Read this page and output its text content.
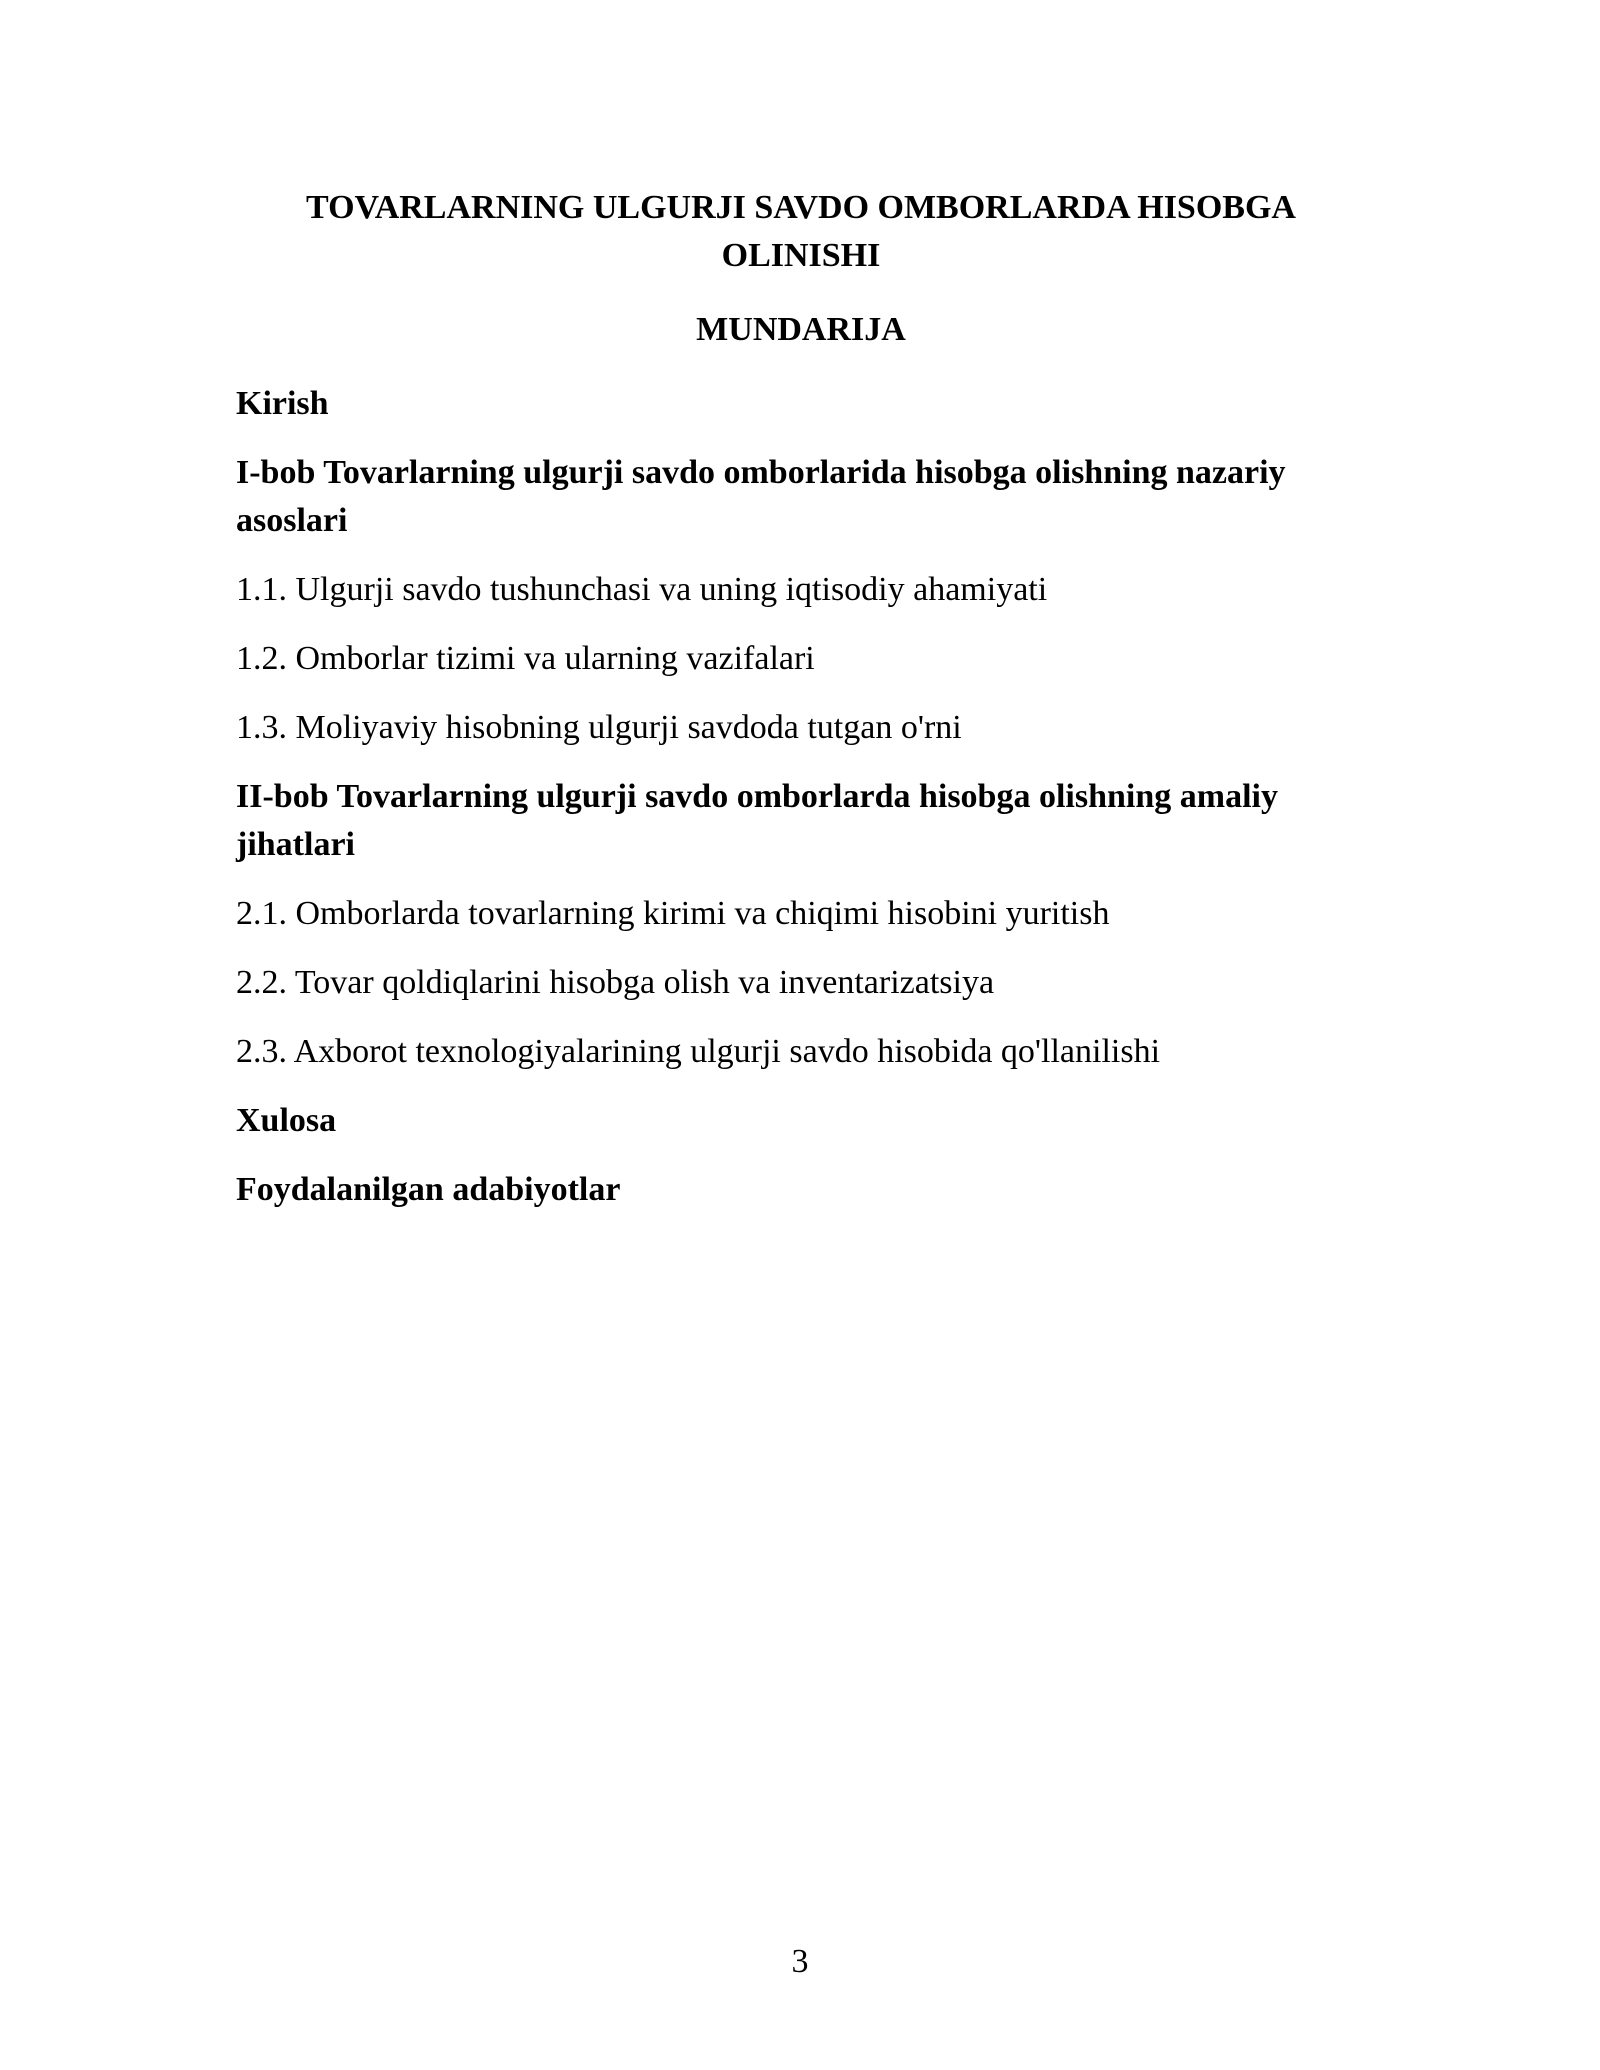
TOVARLARNING ULGURJI SAVDO OMBORLARDA HISOBGA OLINISHI
MUNDARIJA
Kirish
I-bob Tovarlarning ulgurji savdo omborlarida hisobga olishning nazariy asoslari
1.1. Ulgurji savdo tushunchasi va uning iqtisodiy ahamiyati
1.2. Omborlar tizimi va ularning vazifalari
1.3. Moliyaviy hisobning ulgurji savdoda tutgan o'rni
II-bob Tovarlarning ulgurji savdo omborlarda hisobga olishning amaliy jihatlari
2.1. Omborlarda tovarlarning kirimi va chiqimi hisobini yuritish
2.2. Tovar qoldiqlarini hisobga olish va inventarizatsiya
2.3. Axborot texnologiyalarining ulgurji savdo hisobida qo'llanilishi
Xulosa
Foydalanilgan adabiyotlar
3
